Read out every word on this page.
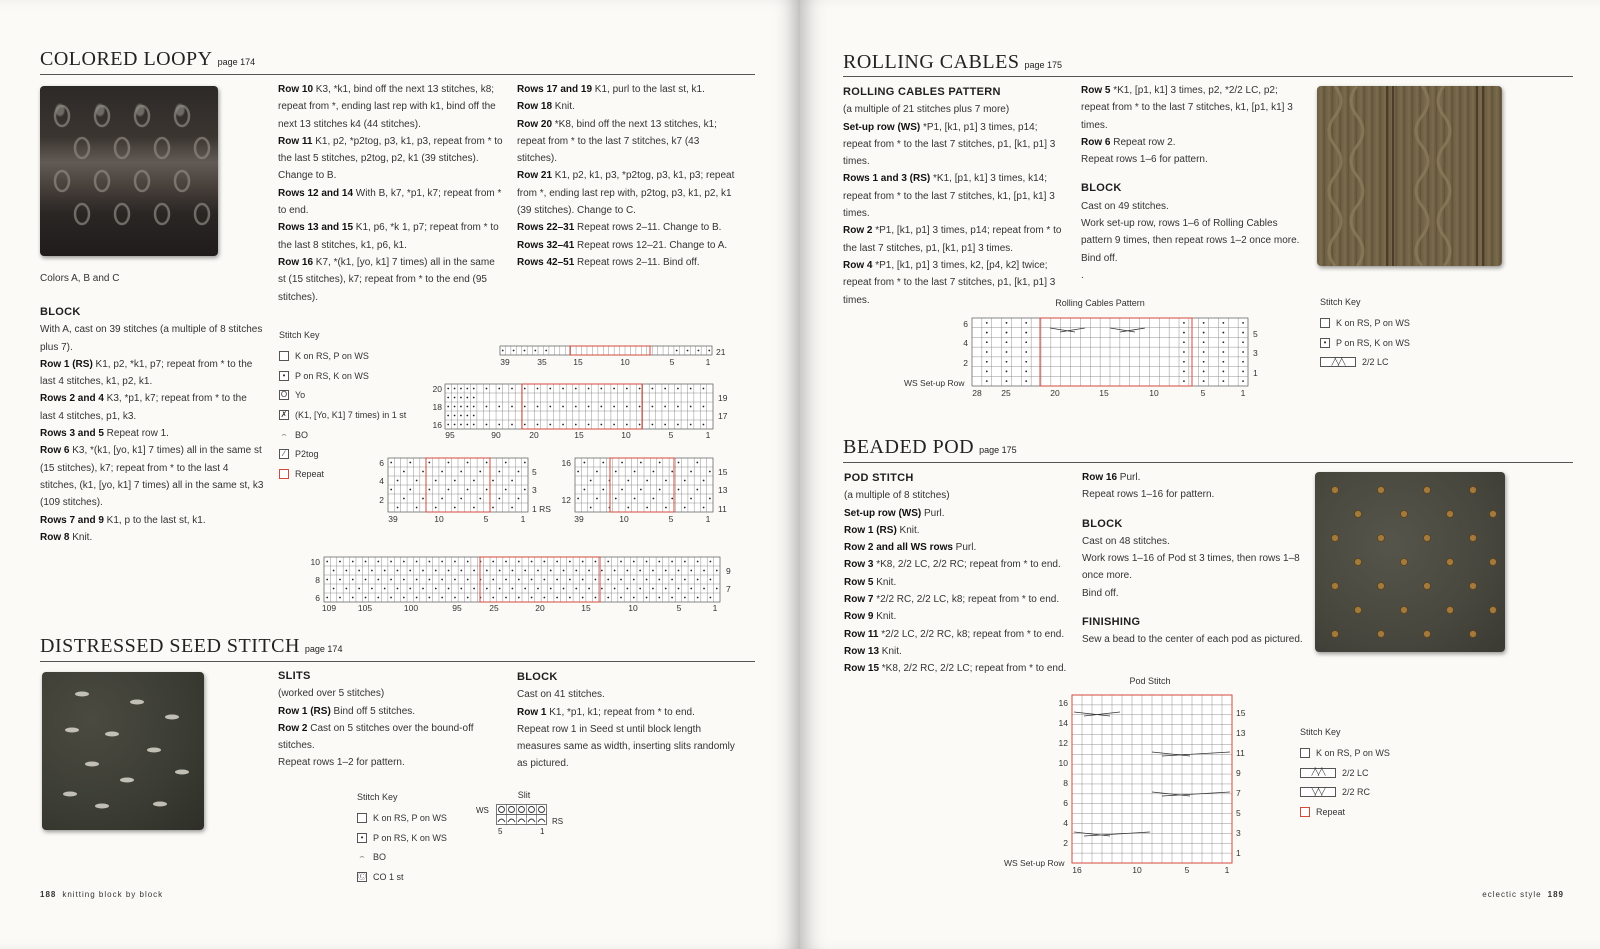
COLORED LOOPY page 174

Colors A, B and C

BLOCK

With A, cast on 39 stitches (a multiple of 8 stitches plus 7).

Row 1 (RS) K1, p2, *k1, p7; repeat from * to the last 4 stitches, k1, p2, k1.

Rows 2 and 4 K3, *p1, k7; repeat from * to the last 4 stitches, p1, k3.

Rows 3 and 5 Repeat row 1.

Row 6 K3, *(k1, [yo, k1] 7 times) all in the same st (15 stitches), k7; repeat from * to the last 4 stitches, (k1, [yo, k1] 7 times) all in the same st, k3 (109 stitches).

Rows 7 and 9 K1, p to the last st, k1.

Row 8 Knit.

Row 10 K3, *k1, bind off the next 13 stitches, k8; repeat from *, ending last rep with k1, bind off the next 13 stitches k4 (44 stitches).

Row 11 K1, p2, *p2tog, p3, k1, p3, repeat from * to the last 5 stitches, p2tog, p2, k1 (39 stitches). Change to B.

Rows 12 and 14 With B, k7, *p1, k7; repeat from * to end.

Rows 13 and 15 K1, p6, *k 1, p7; repeat from * to the last 8 stitches, k1, p6, k1.

Row 16 K7, *(k1, [yo, k1] 7 times) all in the same st (15 stitches), k7; repeat from * to the end (95 stitches).

Rows 17 and 19 K1, purl to the last st, k1.

Row 18 Knit.

Row 20 *K8, bind off the next 13 stitches, k1; repeat from * to the last 7 stitches, k7 (43 stitches).

Row 21 K1, p2, k1, p3, *p2tog, p3, k1, p3; repeat from *, ending last rep with, p2tog, p3, k1, p2, k1 (39 stitches). Change to C.

Rows 22–31 Repeat rows 2–11. Change to B.

Rows 32–41 Repeat rows 12–21. Change to A.

Rows 42–51 Repeat rows 2–11. Bind off.

Stitch Key
K on RS, P on WS
•	P on RS, K on WS
O Yo
✗ (K1, [Yo, K1] 7 times) in 1 st
⌢ BO
∕	P2tog
Repeat
39	35	15	10	5	1
21
95	90	20	15	10	5	1
20
18
16
19
17
39	10	5	1
6
4
2
5
3
1 RS
39	10	5	1
16
12
15
13
11
109	105	100	95	25	20	15	10	5	1
10
8
6
9
7
DISTRESSED SEED STITCH page 174

SLITS

(worked over 5 stitches)

Row 1 (RS) Bind off 5 stitches.

Row 2 Cast on 5 stitches over the bound-off stitches.

Repeat rows 1–2 for pattern.

BLOCK

Cast on 41 stitches.

Row 1 K1, *p1, k1; repeat from * to end.

Repeat row 1 in Seed st until block length measures same as width, inserting slits randomly as pictured.

Stitch Key
K on RS, P on WS
•	P on RS, K on WS
⌢ BO
Ⓒ CO 1 st
Slit
WS
RS
5	1
188 knitting block by block
ROLLING CABLES page 175

ROLLING CABLES PATTERN

(a multiple of 21 stitches plus 7 more)

Set-up row (WS) *P1, [k1, p1] 3 times, p14; repeat from * to the last 7 stitches, p1, [k1, p1] 3 times.

Rows 1 and 3 (RS) *K1, [p1, k1] 3 times, k14; repeat from * to the last 7 stitches, k1, [p1, k1] 3 times.

Row 2 *P1, [k1, p1] 3 times, p14; repeat from * to the last 7 stitches, p1, [k1, p1] 3 times.

Row 4 *P1, [k1, p1] 3 times, k2, [p4, k2] twice; repeat from * to the last 7 stitches, p1, [k1, p1] 3 times.

Row 5 *K1, [p1, k1] 3 times, p2, *2/2 LC, p2; repeat from * to the last 7 stitches, k1, [p1, k1] 3 times.

Row 6 Repeat row 2.

Repeat rows 1–6 for pattern.

BLOCK

Cast on 49 stitches.

Work set-up row, rows 1–6 of Rolling Cables pattern 9 times, then repeat rows 1–2 once more.

Bind off.

.

Rolling Cables Pattern
28 25	20	15	10	5	1
6
4
2
5
3
1
WS Set-up Row
Stitch Key
K on RS, P on WS
•	P on RS, K on WS
╱╲╱╲	2/2 LC
BEADED POD page 175

POD STITCH

(a multiple of 8 stitches)

Set-up row (WS) Purl.

Row 1 (RS) Knit.

Row 2 and all WS rows Purl.

Row 3 *K8, 2/2 LC, 2/2 RC; repeat from * to end.

Row 5 Knit.

Row 7 *2/2 RC, 2/2 LC, k8; repeat from * to end.

Row 9 Knit.

Row 11 *2/2 LC, 2/2 RC, k8; repeat from * to end.

Row 13 Knit.

Row 15 *K8, 2/2 RC, 2/2 LC; repeat from * to end.

Row 16 Purl.

Repeat rows 1–16 for pattern.

BLOCK

Cast on 48 stitches.

Work rows 1–16 of Pod st 3 times, then rows 1–8 once more.

Bind off.

FINISHING

Sew a bead to the center of each pod as pictured.

Pod Stitch
16	10	5	1
16
14
12
10
8
6
4
2
15
13
11
9
7
5
3
1
WS Set-up Row
Stitch Key
K on RS, P on WS
╱╲╱╲	2/2 LC
╲╱╲╱	2/2 RC
Repeat
eclectic style 189
